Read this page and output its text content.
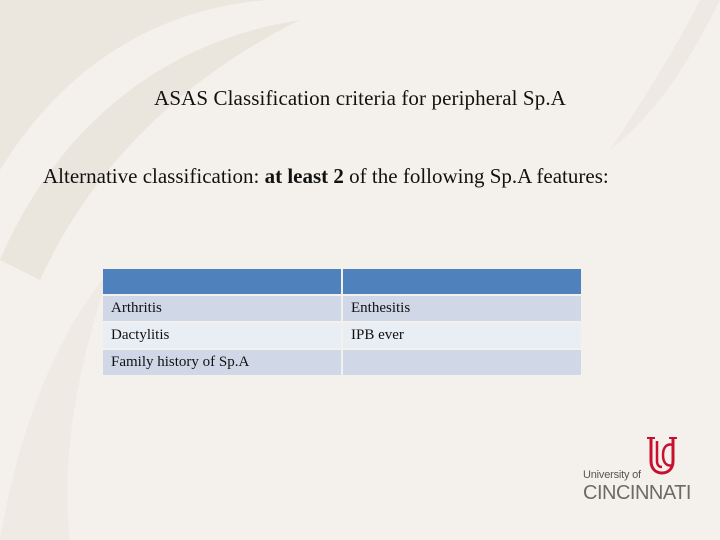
ASAS Classification criteria for peripheral Sp.A
Alternative classification: at least 2 of the following Sp.A features:

Arthritis	Enthesitis
Dactylitis	IPB ever
Family history of Sp.A	
University of
CINCINNATI
